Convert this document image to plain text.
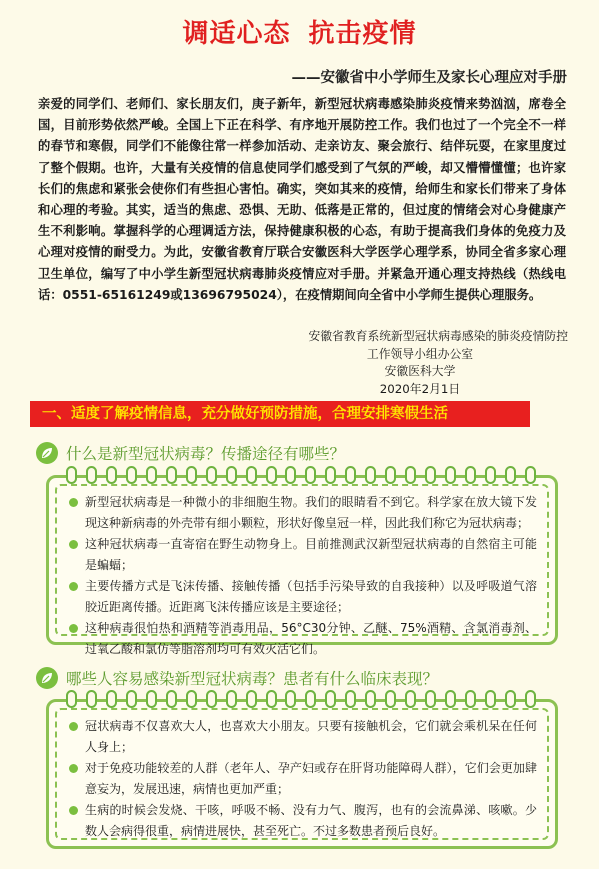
调适心态 抗击疫情

——安徽省中小学师生及家长心理应对手册

亲爱的同学们、老师们、家长朋友们，庚子新年，新型冠状病毒感染肺炎疫情来势汹汹，席卷全国，目前形势依然严峻。全国上下正在科学、有序地开展防控工作。我们也过了一个完全不一样的春节和寒假，同学们不能像往常一样参加活动、走亲访友、聚会旅行、结伴玩耍，在家里度过了整个假期。也许，大量有关疫情的信息使同学们感受到了气氛的严峻，却又懵懵懂懂；也许家长们的焦虑和紧张会使你们有些担心害怕。确实，突如其来的疫情，给师生和家长们带来了身体和心理的考验。其实，适当的焦虑、恐惧、无助、低落是正常的，但过度的情绪会对心身健康产生不利影响。掌握科学的心理调适方法，保持健康积极的心态，有助于提高我们身体的免疫力及心理对疫情的耐受力。为此，安徽省教育厅联合安徽医科大学医学心理学系，协同全省多家心理卫生单位，编写了中小学生新型冠状病毒肺炎疫情应对手册。并紧急开通心理支持热线（热线电话：0551-65161249或13696795024），在疫情期间向全省中小学师生提供心理服务。

安徽省教育系统新型冠状病毒感染的肺炎疫情防控
工作领导小组办公室
安徽医科大学
2020年2月1日
一、适度了解疫情信息，充分做好预防措施，合理安排寒假生活
什么是新型冠状病毒？传播途径有哪些？
新型冠状病毒是一种微小的非细胞生物。我们的眼睛看不到它。科学家在放大镜下发现这种新病毒的外壳带有细小颗粒，形状好像皇冠一样，因此我们称它为冠状病毒；
这种冠状病毒一直寄宿在野生动物身上。目前推测武汉新型冠状病毒的自然宿主可能是蝙蝠；
主要传播方式是飞沫传播、接触传播（包括手污染导致的自我接种）以及呼吸道气溶胶近距离传播。近距离飞沫传播应该是主要途径；
这种病毒很怕热和酒精等消毒用品，56°C30分钟、乙醚、75%酒精、含氯消毒剂、过氧乙酸和氯仿等脂溶剂均可有效灭活它们。
哪些人容易感染新型冠状病毒？患者有什么临床表现？
冠状病毒不仅喜欢大人，也喜欢大小朋友。只要有接触机会，它们就会乘机呆在任何人身上；
对于免疫功能较差的人群（老年人、孕产妇或存在肝肾功能障碍人群），它们会更加肆意妄为，发展迅速，病情也更加严重；
生病的时候会发烧、干咳，呼吸不畅、没有力气、腹泻，也有的会流鼻涕、咳嗽。少数人会病得很重，病情进展快，甚至死亡。不过多数患者预后良好。
